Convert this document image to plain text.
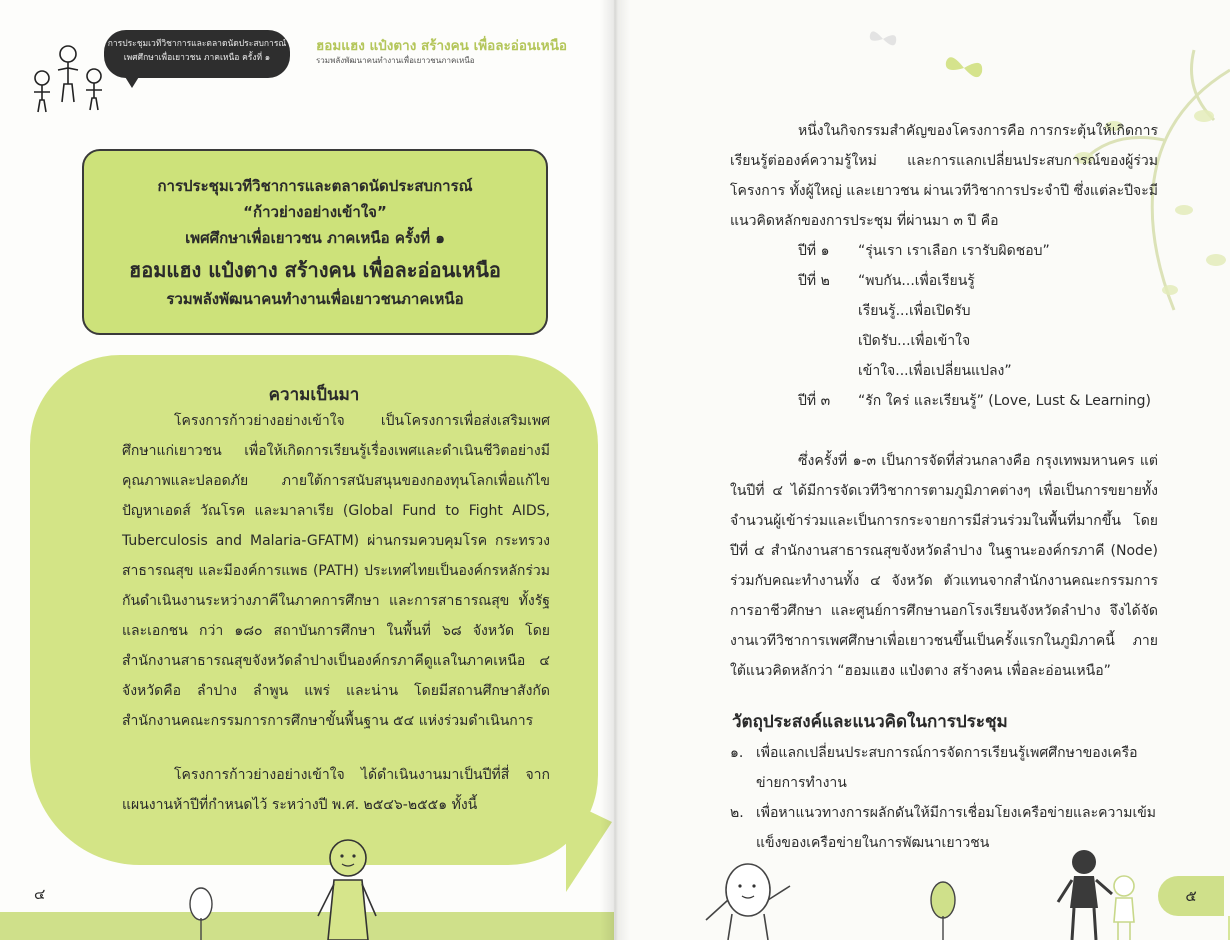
การประชุมเวทีวิชาการและตลาดนัดประสบการณ์
เพศศึกษาเพื่อเยาวชน ภาคเหนือ ครั้งที่ ๑
ฮอมแฮง แป๋งตาง สร้างคน เพื่อละอ่อนเหนือ
รวมพลังพัฒนาคนทำงานเพื่อเยาวชนภาคเหนือ
การประชุมเวทีวิชาการและตลาดนัดประสบการณ์
“ก้าวย่างอย่างเข้าใจ”
เพศศึกษาเพื่อเยาวชน ภาคเหนือ ครั้งที่ ๑
ฮอมแฮง แป๋งตาง สร้างคน เพื่อละอ่อนเหนือ
รวมพลังพัฒนาคนทำงานเพื่อเยาวชนภาคเหนือ
ความเป็นมา

โครงการก้าวย่างอย่างเข้าใจ เป็นโครงการเพื่อส่งเสริมเพศศึกษาแก่เยาวชน เพื่อให้เกิดการเรียนรู้เรื่องเพศและดำเนินชีวิตอย่างมีคุณภาพและปลอดภัย ภายใต้การสนับสนุนของกองทุนโลกเพื่อแก้ไขปัญหาเอดส์ วัณโรค และมาลาเรีย (Global Fund to Fight AIDS, Tuberculosis and Malaria-GFATM) ผ่านกรมควบคุมโรค กระทรวงสาธารณสุข และมีองค์การแพธ (PATH) ประเทศไทยเป็นองค์กรหลักร่วมกันดำเนินงานระหว่างภาคีในภาคการศึกษา และการสาธารณสุข ทั้งรัฐและเอกชน กว่า ๑๘๐ สถาบันการศึกษา ในพื้นที่ ๖๘ จังหวัด โดยสำนักงานสาธารณสุขจังหวัดลำปางเป็นองค์กรภาคีดูแลในภาคเหนือ ๔ จังหวัดคือ ลำปาง ลำพูน แพร่ และน่าน โดยมีสถานศึกษาสังกัดสำนักงานคณะกรรมการการศึกษาขั้นพื้นฐาน ๕๔ แห่งร่วมดำเนินการ

โครงการก้าวย่างอย่างเข้าใจ ได้ดำเนินงานมาเป็นปีที่สี่ จากแผนงานห้าปีที่กำหนดไว้ ระหว่างปี พ.ศ. ๒๕๔๖-๒๕๕๑ ทั้งนี้

๔

หนึ่งในกิจกรรมสำคัญของโครงการคือ การกระตุ้นให้เกิดการเรียนรู้ต่อองค์ความรู้ใหม่ และการแลกเปลี่ยนประสบการณ์ของผู้ร่วมโครงการ ทั้งผู้ใหญ่ และเยาวชน ผ่านเวทีวิชาการประจำปี ซึ่งแต่ละปีจะมีแนวคิดหลักของการประชุม ที่ผ่านมา ๓ ปี คือ

ปีที่ ๑ “รุ่นเรา เราเลือก เรารับผิดชอบ”
ปีที่ ๒ “พบกัน...เพื่อเรียนรู้
เรียนรู้...เพื่อเปิดรับ
เปิดรับ...เพื่อเข้าใจ
เข้าใจ...เพื่อเปลี่ยนแปลง”
ปีที่ ๓ “รัก ใคร่ และเรียนรู้” (Love, Lust & Learning)

ซึ่งครั้งที่ ๑-๓ เป็นการจัดที่ส่วนกลางคือ กรุงเทพมหานคร แต่ในปีที่ ๔ ได้มีการจัดเวทีวิชาการตามภูมิภาคต่างๆ เพื่อเป็นการขยายทั้งจำนวนผู้เข้าร่วมและเป็นการกระจายการมีส่วนร่วมในพื้นที่มากขึ้น โดยปีที่ ๔ สำนักงานสาธารณสุขจังหวัดลำปาง ในฐานะองค์กรภาคี (Node) ร่วมกับคณะทำงานทั้ง ๔ จังหวัด ตัวแทนจากสำนักงานคณะกรรมการการอาชีวศึกษา และศูนย์การศึกษานอกโรงเรียนจังหวัดลำปาง จึงได้จัดงานเวทีวิชาการเพศศึกษาเพื่อเยาวชนขึ้นเป็นครั้งแรกในภูมิภาคนี้ ภายใต้แนวคิดหลักว่า “ฮอมแฮง แป๋งตาง สร้างคน เพื่อละอ่อนเหนือ”

วัตถุประสงค์และแนวคิดในการประชุม
๑. เพื่อแลกเปลี่ยนประสบการณ์การจัดการเรียนรู้เพศศึกษาของเครือข่ายการทำงาน
๒. เพื่อหาแนวทางการผลักดันให้มีการเชื่อมโยงเครือข่ายและความเข้มแข็งของเครือข่ายในการพัฒนาเยาวชน
๕
